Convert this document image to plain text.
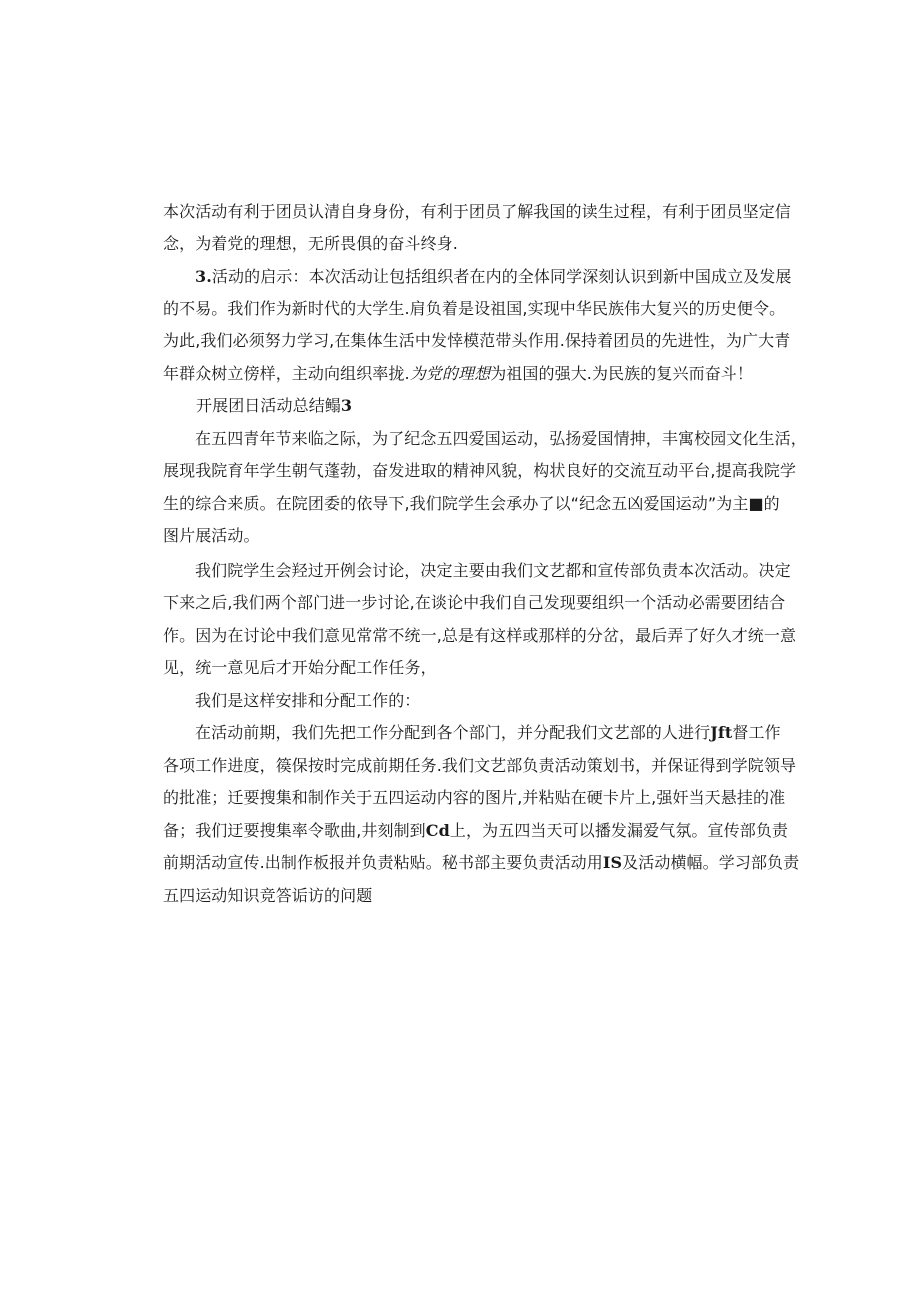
本次活动有利于团员认清自身身份，有利于团员了解我国的读生过程，有利于团员坚定信
念，为着党的理想，无所畏俱的奋斗终身.
3.活动的启示：本次活动让包括组织者在内的全体同学深刻认识到新中国成立及发展
的不易。我们作为新时代的大学生.肩负着是设祖国,实现中华民族伟大复兴的历史便令。
为此,我们必须努力学习,在集体生活中发悻模范带头作用.保持着团员的先进性，为广大青
年群众树立傍样，主动向组织率拢.为党的理想为祖国的强大.为民族的复兴而奋斗！
开展团日活动总结鳎3
在五四青年节来临之际，为了纪念五四爱国运动，弘扬爱国情抻，丰寓校园文化生活，
展现我院育年学生朝气蓬勃，奋发进取的精神风貌，构状良好的交流互动平台,提高我院学
生的综合来质。在院团委的依导下,我们院学生会承办了以“纪念五凶爱国运动”为主■的
图片展活动。
我们院学生会羟过开例会讨论，决定主要由我们文艺都和宣传部负责本次活动。决定
下来之后,我们两个部门进一步讨论,在谈论中我们自己发现要组织一个活动必需要团结合
作。因为在讨论中我们意见常常不统一,总是有这样或那样的分岔，最后弄了好久才统一意
见，统一意见后才开始分配工作任务，
我们是这样安排和分配工作的：
在活动前期，我们先把工作分配到各个部门，并分配我们文艺部的人进行Jft督工作
各项工作进度，篌保按时完成前期任务.我们文艺部负责活动策划书，并保证得到学院领导
的批准；迁要搜集和制作关于五四运动内容的图片,并粘贴在硬卡片上,强奸当天悬挂的准
备；我们迂要搜集率令歌曲,井刻制到Cd上，为五四当天可以播发漏爱气氛。宣传部负责
前期活动宣传.出制作板报并负责粘贴。秘书部主要负责活动用IS及活动横幅。学习部负责
五四运动知识竞答诟访的问题
